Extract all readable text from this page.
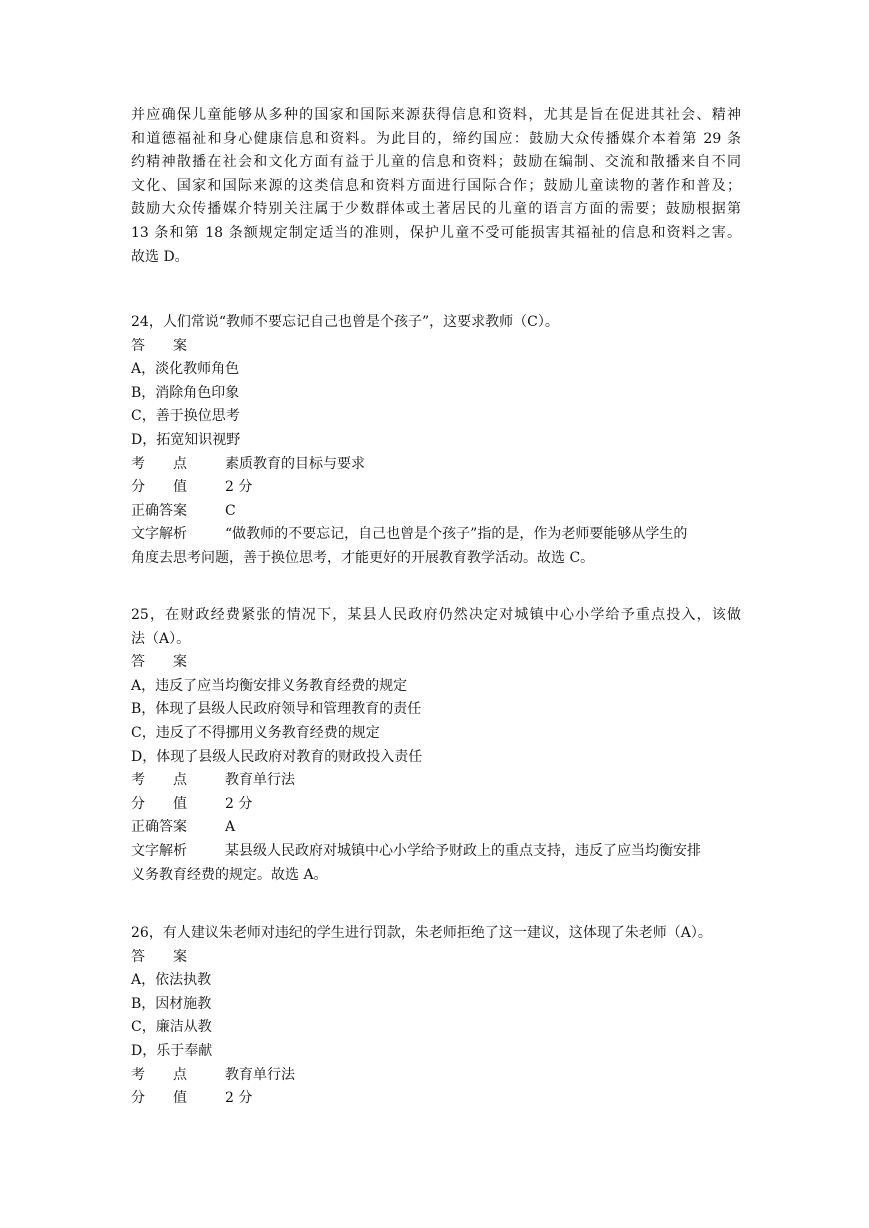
并应确保儿童能够从多种的国家和国际来源获得信息和资料，尤其是旨在促进其社会、精神
和道德福祉和身心健康信息和资料。为此目的，缔约国应：鼓励大众传播媒介本着第 29 条
约精神散播在社会和文化方面有益于儿童的信息和资料；鼓励在编制、交流和散播来自不同
文化、国家和国际来源的这类信息和资料方面进行国际合作；鼓励儿童读物的著作和普及；
鼓励大众传播媒介特别关注属于少数群体或土著居民的儿童的语言方面的需要；鼓励根据第
13 条和第 18 条额规定制定适当的准则，保护儿童不受可能损害其福祉的信息和资料之害。
故选 D。
24，人们常说“教师不要忘记自己也曾是个孩子”，这要求教师（C）。
答　　案
A，淡化教师角色
B，消除角色印象
C，善于换位思考
D，拓宽知识视野
考　　点	素质教育的目标与要求
分　　值	2 分
正确答案	C
文字解析	“做教师的不要忘记，自己也曾是个孩子”指的是，作为老师要能够从学生的
角度去思考问题，善于换位思考，才能更好的开展教育教学活动。故选 C。
25，在财政经费紧张的情况下，某县人民政府仍然决定对城镇中心小学给予重点投入，该做
法（A）。
答　　案
A，违反了应当均衡安排义务教育经费的规定
B，体现了县级人民政府领导和管理教育的责任
C，违反了不得挪用义务教育经费的规定
D，体现了县级人民政府对教育的财政投入责任
考　　点	教育单行法
分　　值	2 分
正确答案	A
文字解析	某县级人民政府对城镇中心小学给予财政上的重点支持，违反了应当均衡安排
义务教育经费的规定。故选 A。
26，有人建议朱老师对违纪的学生进行罚款，朱老师拒绝了这一建议，这体现了朱老师（A）。
答　　案
A，依法执教
B，因材施教
C，廉洁从教
D，乐于奉献
考　　点	教育单行法
分　　值	2 分
